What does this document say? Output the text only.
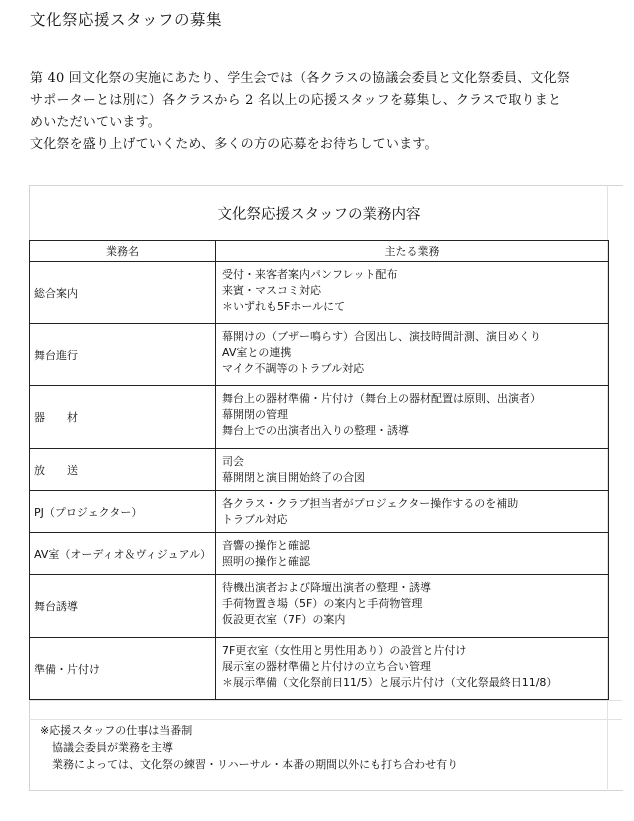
文化祭応援スタッフの募集

第 40 回文化祭の実施にあたり、学生会では（各クラスの協議会委員と文化祭委員、文化祭

サポーターとは別に）各クラスから 2 名以上の応援スタッフを募集し、クラスで取りまと

めいただいています。

文化祭を盛り上げていくため、多くの方の応募をお待ちしています。

文化祭応援スタッフの業務内容
業務名	主たる業務
総合案内	受付・来客者案内パンフレット配布
来賓・マスコミ対応
＊いずれも5Fホールにて

舞台進行	幕開けの（ブザー鳴らす）合図出し、演技時間計測、演目めくり
AV室との連携
マイク不調等のトラブル対応

器　　材	舞台上の器材準備・片付け（舞台上の器材配置は原則、出演者）
幕開閉の管理
舞台上での出演者出入りの整理・誘導

放　　送	司会
幕開閉と演目開始終了の合図

PJ（プロジェクター）	各クラス・クラブ担当者がプロジェクター操作するのを補助
トラブル対応

AV室（オーディオ＆ヴィジュアル）	音響の操作と確認
照明の操作と確認

舞台誘導	待機出演者および降壇出演者の整理・誘導
手荷物置き場（5F）の案内と手荷物管理
仮設更衣室（7F）の案内

準備・片付け	7F更衣室（女性用と男性用あり）の設営と片付け
展示室の器材準備と片付けの立ち合い管理
＊展示準備（文化祭前日11/5）と展示片付け（文化祭最終日11/8）
※応援スタッフの仕事は当番制
協議会委員が業務を主導
業務によっては、文化祭の練習・リハーサル・本番の期間以外にも打ち合わせ有り
